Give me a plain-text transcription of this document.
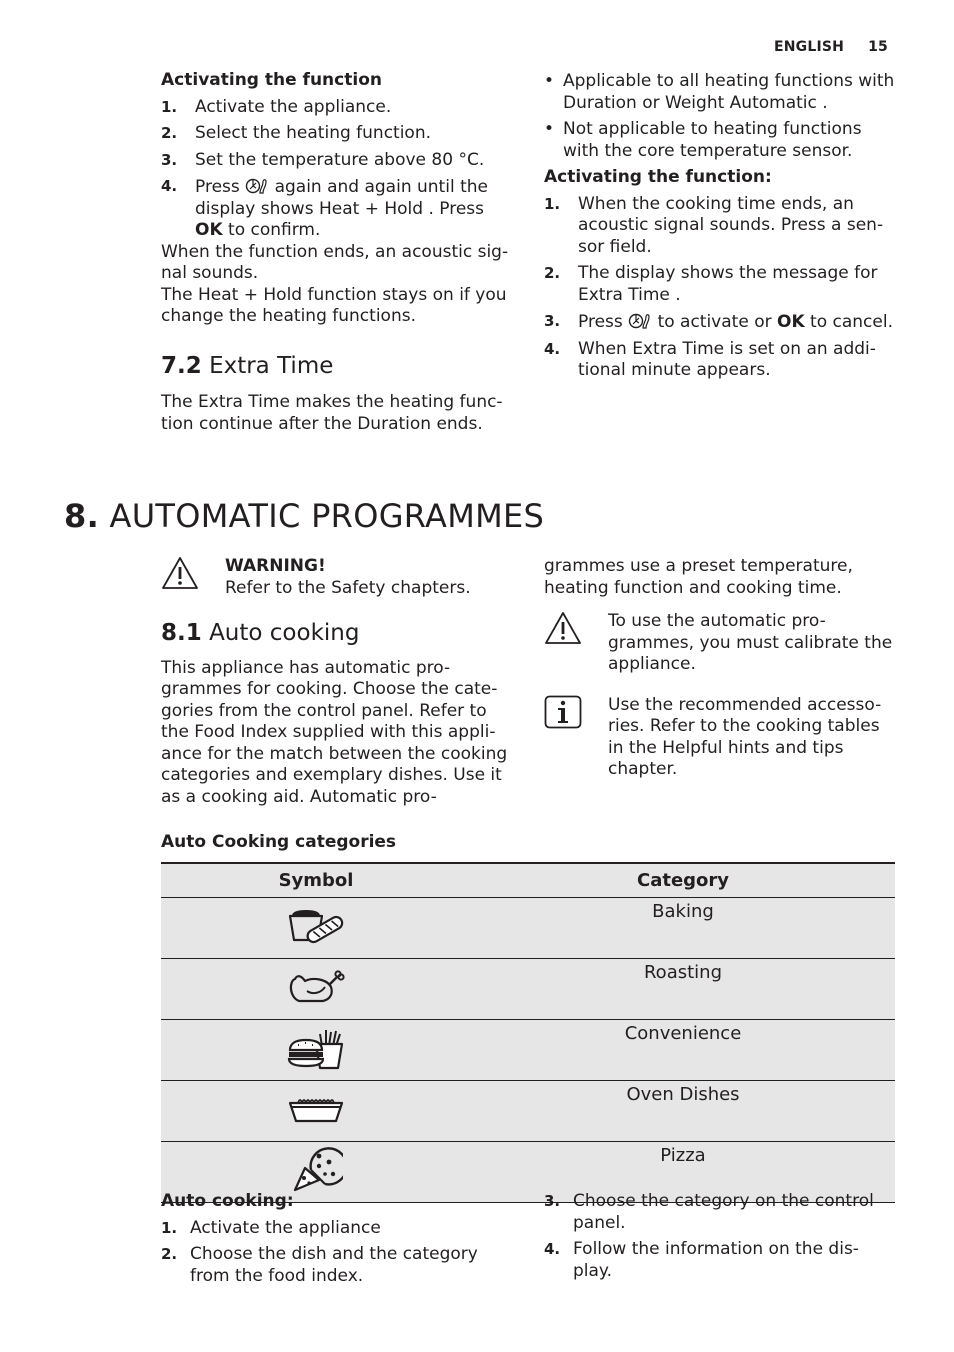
ENGLISH 15
Activating the function
1.	Activate the appliance.
2.	Select the heating function.
3.	Set the temperature above 80 °C.
4.	Press again and again until the display shows Heat + Hold . Press OK to confirm.
When the function ends, an acoustic sig-nal sounds.
The Heat + Hold function stays on if you change the heating functions.
7.2 Extra Time
The Extra Time makes the heating func-tion continue after the Duration ends.
• Applicable to all heating functions with Duration or Weight Automatic .
• Not applicable to heating functions with the core temperature sensor.
Activating the function:
1.	When the cooking time ends, an acoustic signal sounds. Press a sen-sor field.
2.	The display shows the message for Extra Time .
3.	Press to activate or OK to cancel.
4.	When Extra Time is set on an addi-tional minute appears.
8. AUTOMATIC PROGRAMMES
WARNING!
Refer to the Safety chapters.
8.1 Auto cooking
This appliance has automatic pro-grammes for cooking. Choose the cate-gories from the control panel. Refer to the Food Index supplied with this appli-ance for the match between the cooking categories and exemplary dishes. Use it as a cooking aid. Automatic pro-
grammes use a preset temperature, heating function and cooking time.
To use the automatic pro-grammes, you must calibrate the appliance.
Use the recommended accesso-ries. Refer to the cooking tables in the Helpful hints and tips chapter.
Auto Cooking categories
Symbol	Category
	Baking
	Roasting
	Convenience
	Oven Dishes
	Pizza
Auto cooking:
1. Activate the appliance
2. Choose the dish and the category from the food index.
3. Choose the category on the control panel.
4. Follow the information on the dis-play.
